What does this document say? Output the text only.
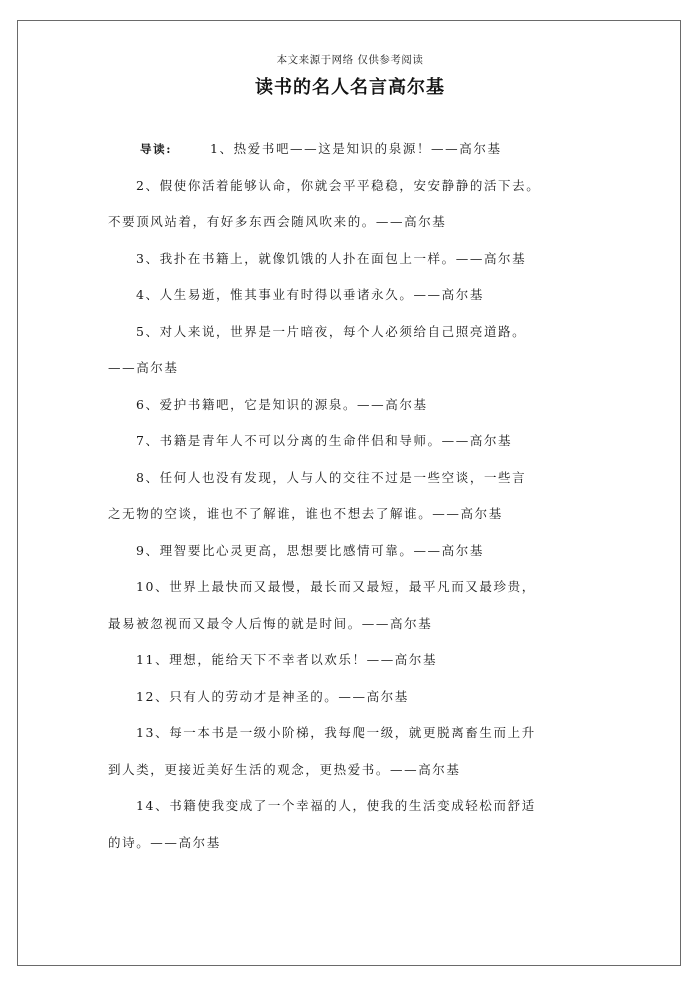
本文来源于网络 仅供参考阅读
读书的名人名言高尔基
导读:	1、热爱书吧——这是知识的泉源！——高尔基
2、假使你活着能够认命，你就会平平稳稳，安安静静的活下去。
不要顶风站着，有好多东西会随风吹来的。——高尔基
3、我扑在书籍上，就像饥饿的人扑在面包上一样。——高尔基
4、人生易逝，惟其事业有时得以垂诸永久。——高尔基
5、对人来说，世界是一片暗夜，每个人必须给自己照亮道路。
——高尔基
6、爱护书籍吧，它是知识的源泉。——高尔基
7、书籍是青年人不可以分离的生命伴侣和导师。——高尔基
8、任何人也没有发现，人与人的交往不过是一些空谈，一些言
之无物的空谈，谁也不了解谁，谁也不想去了解谁。——高尔基
9、理智要比心灵更高，思想要比感情可靠。——高尔基
10、世界上最快而又最慢，最长而又最短，最平凡而又最珍贵，
最易被忽视而又最令人后悔的就是时间。——高尔基
11、理想，能给天下不幸者以欢乐！——高尔基
12、只有人的劳动才是神圣的。——高尔基
13、每一本书是一级小阶梯，我每爬一级，就更脱离畜生而上升
到人类，更接近美好生活的观念，更热爱书。——高尔基
14、书籍使我变成了一个幸福的人，使我的生活变成轻松而舒适
的诗。——高尔基
